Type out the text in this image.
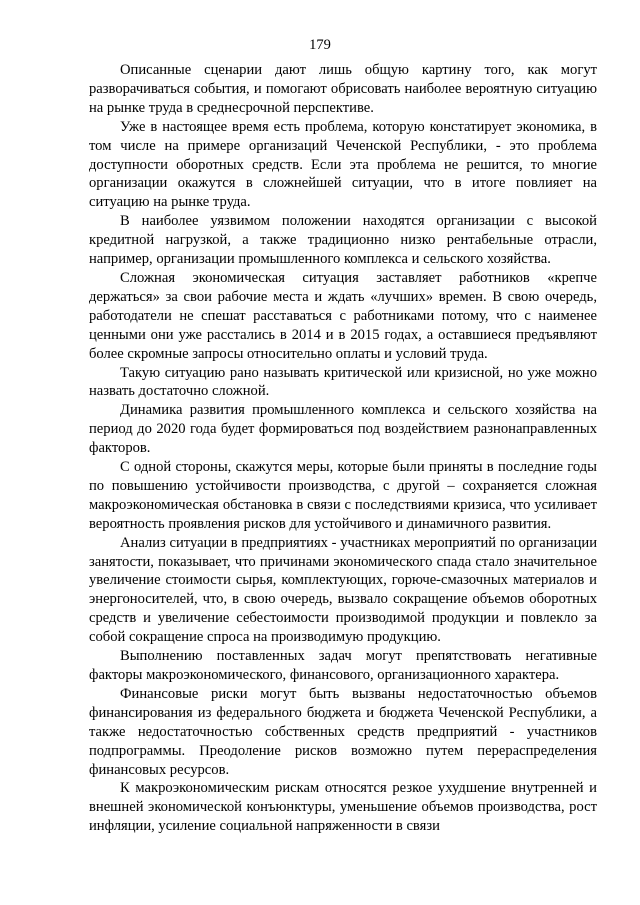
179

Описанные сценарии дают лишь общую картину того, как могут разворачиваться события, и помогают обрисовать наиболее вероятную ситуацию на рынке труда в среднесрочной перспективе.

Уже в настоящее время есть проблема, которую констатирует экономика, в том числе на примере организаций Чеченской Республики, - это проблема доступности оборотных средств. Если эта проблема не решится, то многие организации окажутся в сложнейшей ситуации, что в итоге повлияет на ситуацию на рынке труда.

В наиболее уязвимом положении находятся организации с высокой кредитной нагрузкой, а также традиционно низко рентабельные отрасли, например, организации промышленного комплекса и сельского хозяйства.

Сложная экономическая ситуация заставляет работников «крепче держаться» за свои рабочие места и ждать «лучших» времен. В свою очередь, работодатели не спешат расставаться с работниками потому, что с наименее ценными они уже расстались в 2014 и в 2015 годах, а оставшиеся предъявляют более скромные запросы относительно оплаты и условий труда.

Такую ситуацию рано называть критической или кризисной, но уже можно назвать достаточно сложной.

Динамика развития промышленного комплекса и сельского хозяйства на период до 2020 года будет формироваться под воздействием разнонаправленных факторов.

С одной стороны, скажутся меры, которые были приняты в последние годы по повышению устойчивости производства, с другой – сохраняется сложная макроэкономическая обстановка в связи с последствиями кризиса, что усиливает вероятность проявления рисков для устойчивого и динамичного развития.

Анализ ситуации в предприятиях - участниках мероприятий по организации занятости, показывает, что причинами экономического спада стало значительное увеличение стоимости сырья, комплектующих, горюче-смазочных материалов и энергоносителей, что, в свою очередь, вызвало сокращение объемов оборотных средств и увеличение себестоимости производимой продукции и повлекло за собой сокращение спроса на производимую продукцию.

Выполнению поставленных задач могут препятствовать негативные факторы макроэкономического, финансового, организационного характера.

Финансовые риски могут быть вызваны недостаточностью объемов финансирования из федерального бюджета и бюджета Чеченской Республики, а также недостаточностью собственных средств предприятий - участников подпрограммы. Преодоление рисков возможно путем перераспределения финансовых ресурсов.

К макроэкономическим рискам относятся резкое ухудшение внутренней и внешней экономической конъюнктуры, уменьшение объемов производства, рост инфляции, усиление социальной напряженности в связи
